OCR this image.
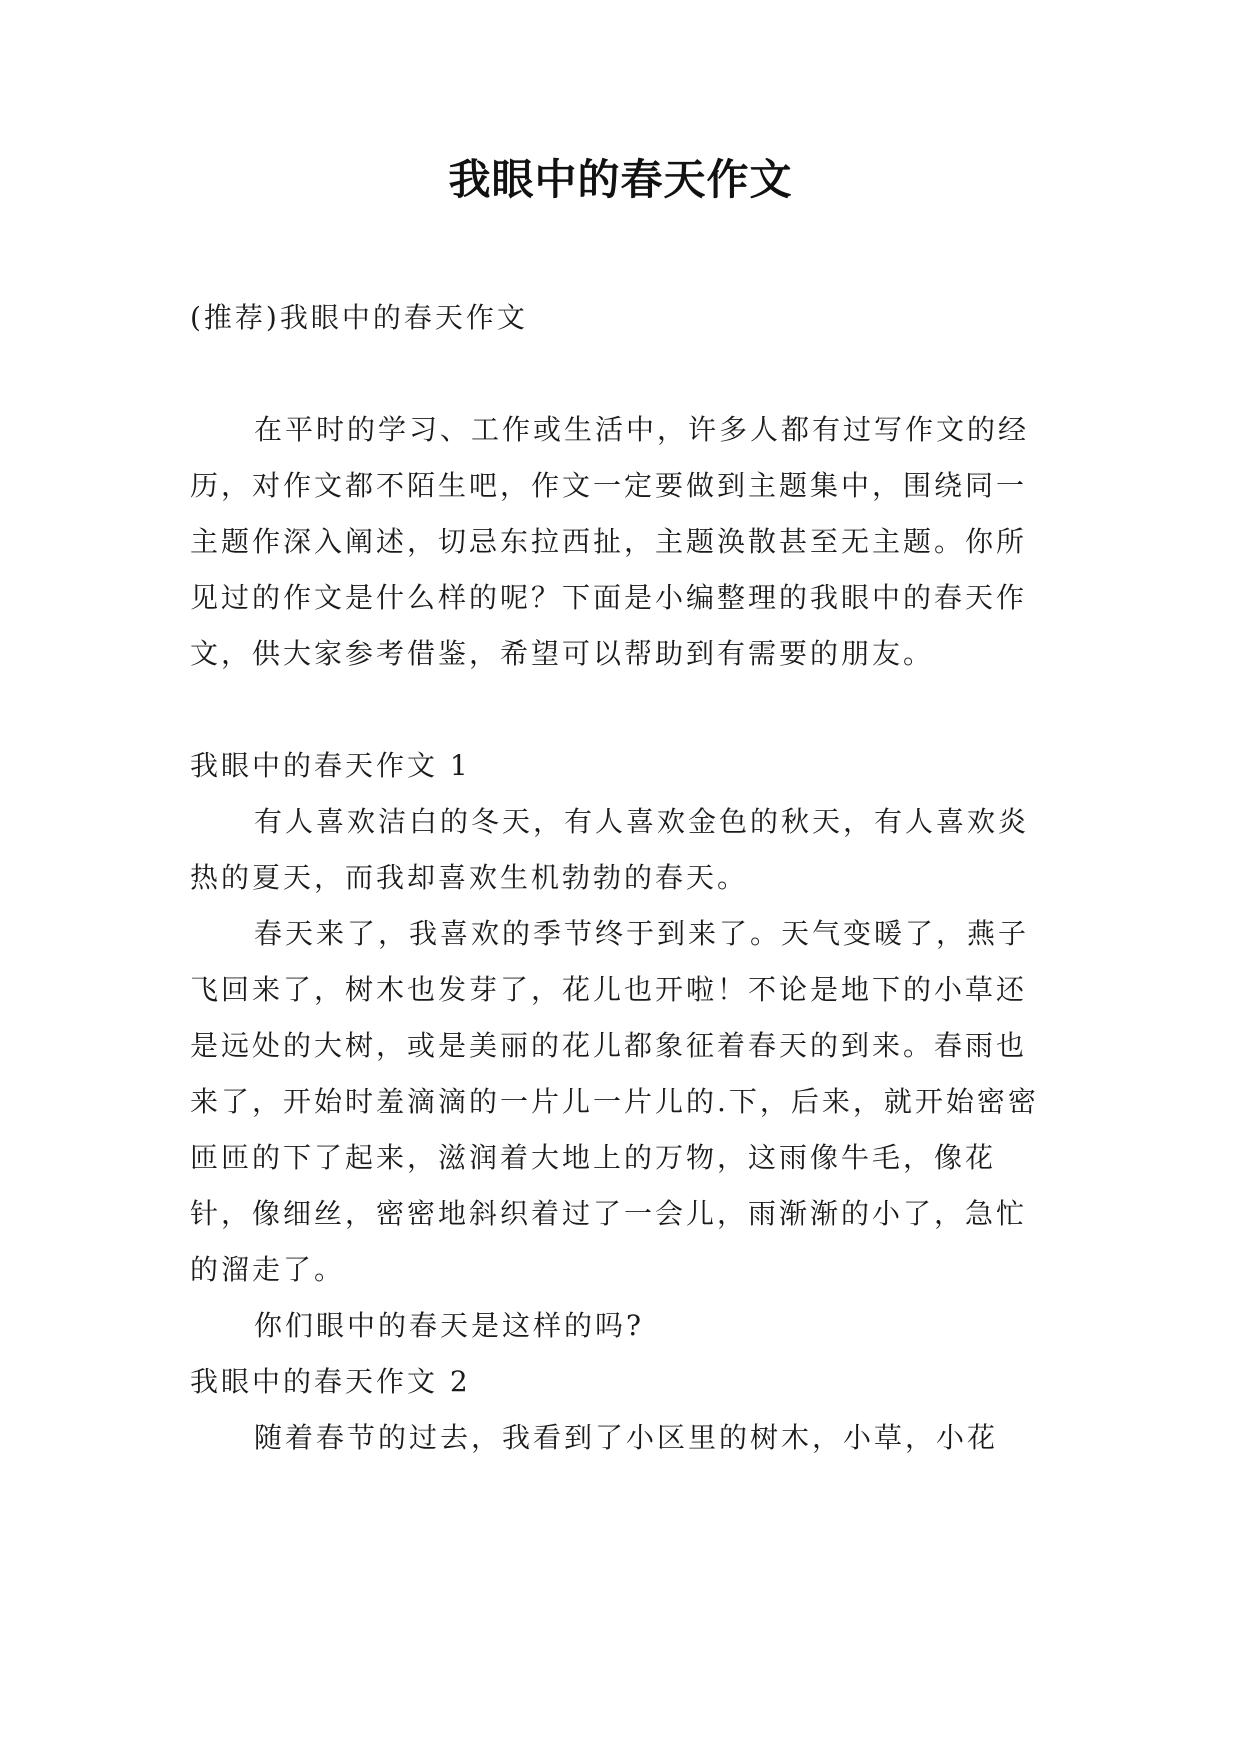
我眼中的春天作文

(推荐)我眼中的春天作文

在平时的学习、工作或生活中，许多人都有过写作文的经历，对作文都不陌生吧，作文一定要做到主题集中，围绕同一主题作深入阐述，切忌东拉西扯，主题涣散甚至无主题。你所见过的作文是什么样的呢？下面是小编整理的我眼中的春天作文，供大家参考借鉴，希望可以帮助到有需要的朋友。

我眼中的春天作文 1

有人喜欢洁白的冬天，有人喜欢金色的秋天，有人喜欢炎热的夏天，而我却喜欢生机勃勃的春天。

春天来了，我喜欢的季节终于到来了。天气变暖了，燕子飞回来了，树木也发芽了，花儿也开啦！不论是地下的小草还是远处的大树，或是美丽的花儿都象征着春天的到来。春雨也来了，开始时羞滴滴的一片儿一片儿的.下，后来，就开始密密匝匝的下了起来，滋润着大地上的万物，这雨像牛毛，像花针，像细丝，密密地斜织着过了一会儿，雨渐渐的小了，急忙的溜走了。

你们眼中的春天是这样的吗?

我眼中的春天作文 2

随着春节的过去，我看到了小区里的树木，小草，小花
